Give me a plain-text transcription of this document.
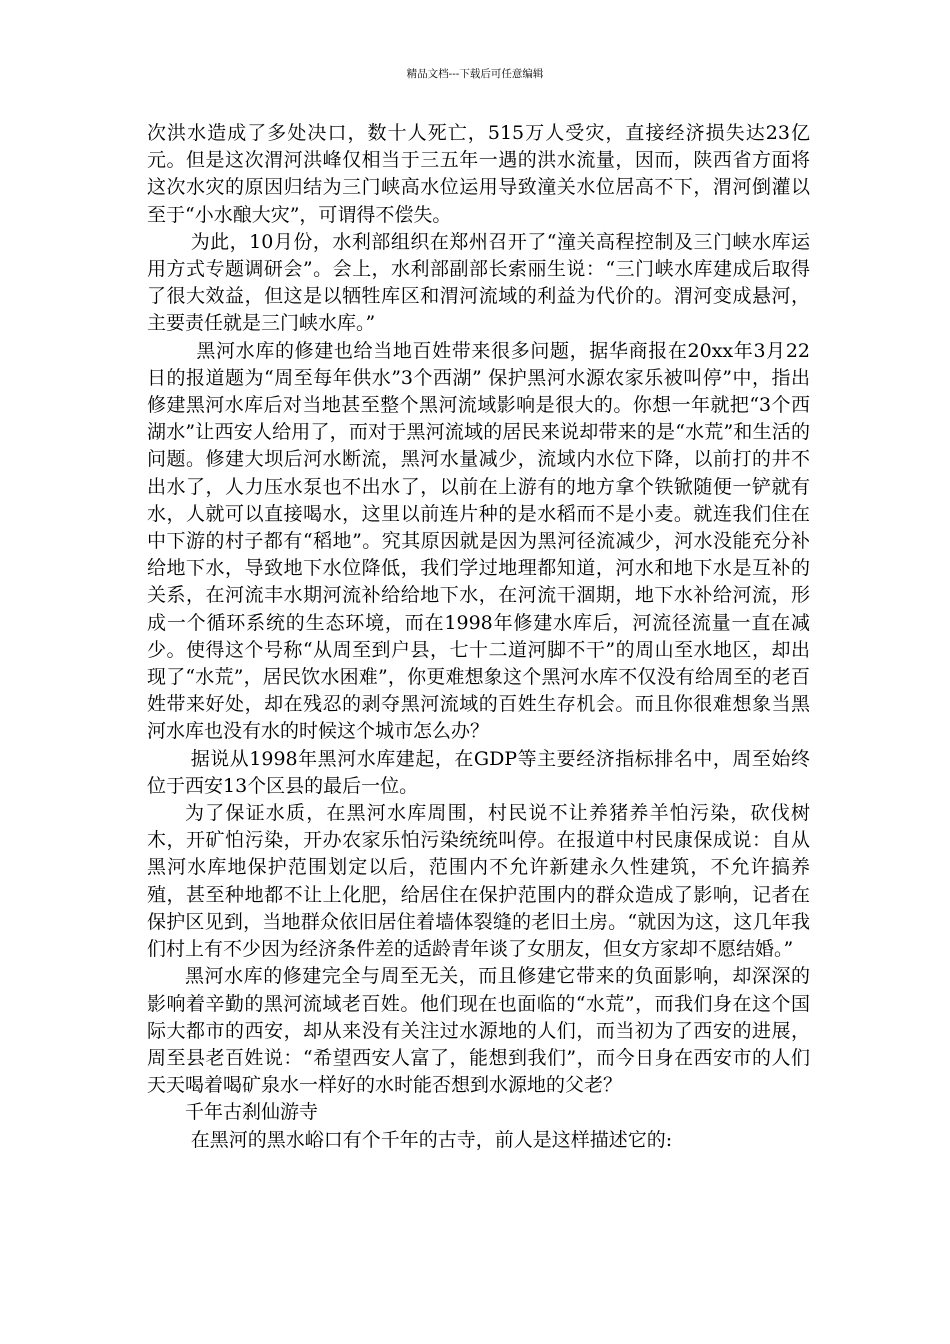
精品文档---下载后可任意编辑

次洪水造成了多处决口，数十人死亡，515万人受灾，直接经济损失达23亿元。但是这次渭河洪峰仅相当于三五年一遇的洪水流量，因而，陕西省方面将这次水灾的原因归结为三门峡高水位运用导致潼关水位居高不下，渭河倒灌以至于“小水酿大灾”，可谓得不偿失。

为此，10月份，水利部组织在郑州召开了“潼关高程控制及三门峡水库运用方式专题调研会”。会上，水利部副部长索丽生说：“三门峡水库建成后取得了很大效益，但这是以牺牲库区和渭河流域的利益为代价的。渭河变成悬河，主要责任就是三门峡水库。”

黑河水库的修建也给当地百姓带来很多问题，据华商报在20xx年3月22日的报道题为“周至每年供水”3个西湖” 保护黑河水源农家乐被叫停”中，指出修建黑河水库后对当地甚至整个黑河流域影响是很大的。你想一年就把“3个西湖水”让西安人给用了，而对于黑河流域的居民来说却带来的是“水荒”和生活的问题。修建大坝后河水断流，黑河水量减少，流域内水位下降，以前打的井不出水了，人力压水泵也不出水了，以前在上游有的地方拿个铁锨随便一铲就有水，人就可以直接喝水，这里以前连片种的是水稻而不是小麦。就连我们住在中下游的村子都有“稻地”。究其原因就是因为黑河径流减少，河水没能充分补给地下水，导致地下水位降低，我们学过地理都知道，河水和地下水是互补的关系，在河流丰水期河流补给给地下水，在河流干涸期，地下水补给河流，形成一个循环系统的生态环境，而在1998年修建水库后，河流径流量一直在减少。使得这个号称“从周至到户县，七十二道河脚不干”的周山至水地区，却出现了“水荒”，居民饮水困难”，你更难想象这个黑河水库不仅没有给周至的老百姓带来好处，却在残忍的剥夺黑河流域的百姓生存机会。而且你很难想象当黑河水库也没有水的时候这个城市怎么办？

据说从1998年黑河水库建起，在GDP等主要经济指标排名中，周至始终位于西安13个区县的最后一位。

为了保证水质，在黑河水库周围，村民说不让养猪养羊怕污染，砍伐树木，开矿怕污染，开办农家乐怕污染统统叫停。在报道中村民康保成说：自从黑河水库地保护范围划定以后，范围内不允许新建永久性建筑，不允许搞养殖，甚至种地都不让上化肥，给居住在保护范围内的群众造成了影响，记者在保护区见到，当地群众依旧居住着墙体裂缝的老旧土房。“就因为这，这几年我们村上有不少因为经济条件差的适龄青年谈了女朋友，但女方家却不愿结婚。”

黑河水库的修建完全与周至无关，而且修建它带来的负面影响，却深深的影响着辛勤的黑河流域老百姓。他们现在也面临的“水荒”，而我们身在这个国际大都市的西安，却从来没有关注过水源地的人们，而当初为了西安的进展，周至县老百姓说：“希望西安人富了，能想到我们”，而今日身在西安市的人们天天喝着喝矿泉水一样好的水时能否想到水源地的父老？

千年古刹仙游寺

在黑河的黑水峪口有个千年的古寺，前人是这样描述它的:
